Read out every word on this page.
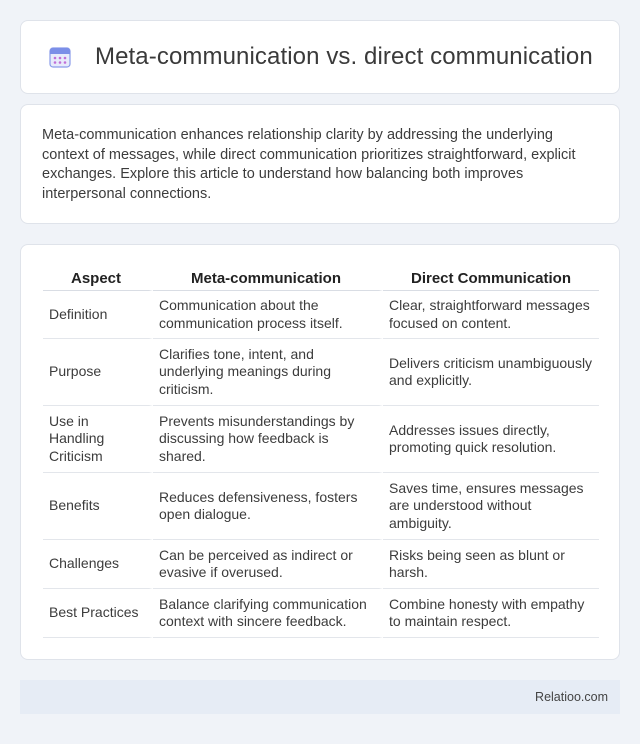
Meta-communication vs. direct communication

Meta-communication enhances relationship clarity by addressing the underlying context of messages, while direct communication prioritizes straightforward, explicit exchanges. Explore this article to understand how balancing both improves interpersonal connections.

Aspect	Meta-communication	Direct Communication
Definition	Communication about the communication process itself.	Clear, straightforward messages focused on content.
Purpose	Clarifies tone, intent, and underlying meanings during criticism.	Delivers criticism unambiguously and explicitly.
Use in Handling Criticism	Prevents misunderstandings by discussing how feedback is shared.	Addresses issues directly, promoting quick resolution.
Benefits	Reduces defensiveness, fosters open dialogue.	Saves time, ensures messages are understood without ambiguity.
Challenges	Can be perceived as indirect or evasive if overused.	Risks being seen as blunt or harsh.
Best Practices	Balance clarifying communication context with sincere feedback.	Combine honesty with empathy to maintain respect.
Relatioo.com
